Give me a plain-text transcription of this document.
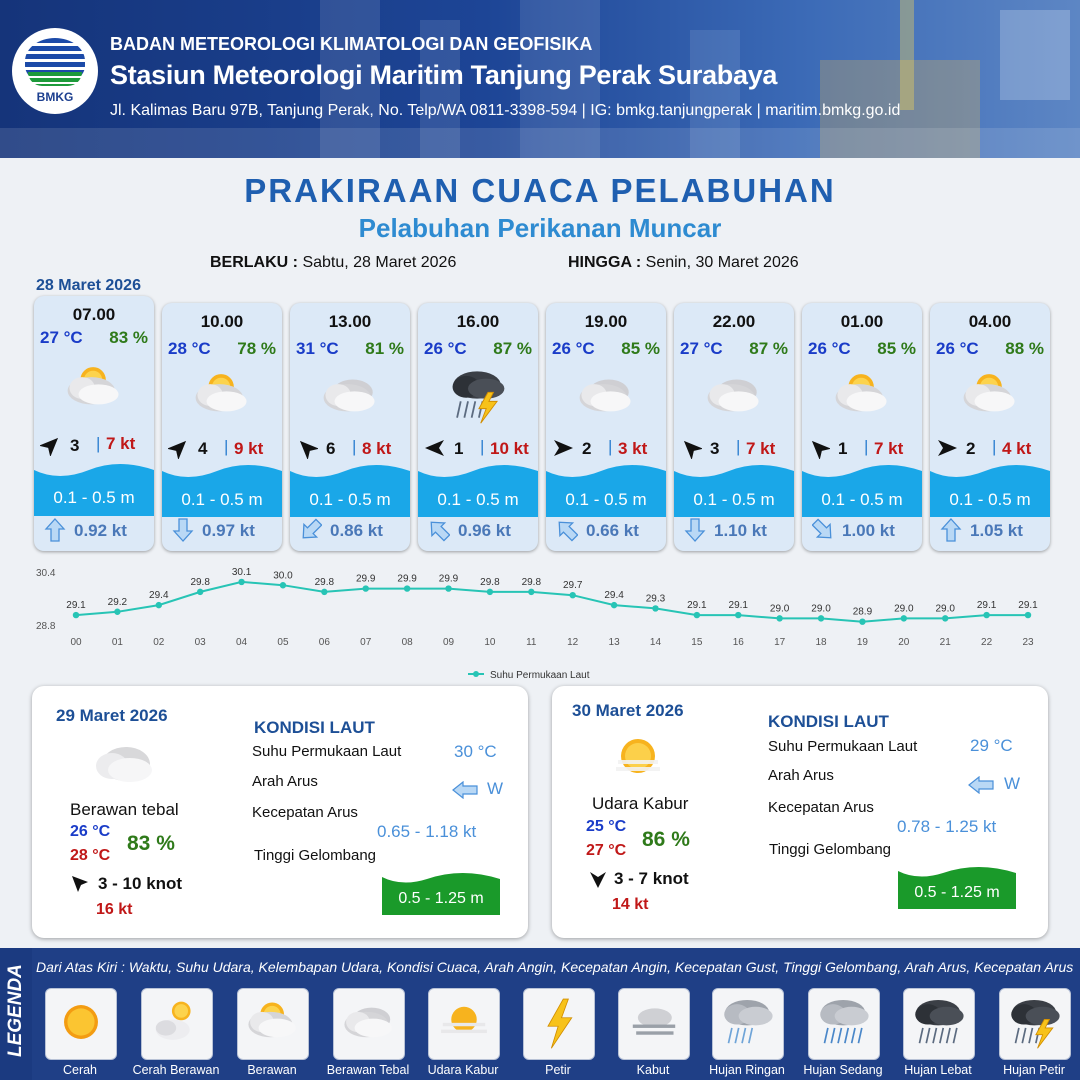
BMKG
BADAN METEOROLOGI KLIMATOLOGI DAN GEOFISIKA
Stasiun Meteorologi Maritim Tanjung Perak Surabaya
Jl. Kalimas Baru 97B, Tanjung Perak, No. Telp/WA 0811-3398-594 | IG: bmkg.tanjungperak | maritim.bmkg.go.id
PRAKIRAAN CUACA PELABUHAN
Pelabuhan Perikanan Muncar
BERLAKU : Sabtu, 28 Maret 2026	HINGGA : Senin, 30 Maret 2026
28 Maret 2026
07.00
27 °C 83 %
3 | 7 kt
0.1 - 0.5 m
0.92 kt
10.00
28 °C 78 %
4 | 9 kt
0.1 - 0.5 m
0.97 kt
13.00
31 °C 81 %
6 | 8 kt
0.1 - 0.5 m
0.86 kt
16.00
26 °C 87 %
1 | 10 kt
0.1 - 0.5 m
0.96 kt
19.00
26 °C 85 %
2 | 3 kt
0.1 - 0.5 m
0.66 kt
22.00
27 °C 87 %
3 | 7 kt
0.1 - 0.5 m
1.10 kt
01.00
26 °C 85 %
1 | 7 kt
0.1 - 0.5 m
1.00 kt
04.00
26 °C 88 %
2 | 4 kt
0.1 - 0.5 m
1.05 kt
30.4
28.8
29.1
00
29.2
01
29.4
02
29.8
03
30.1
04
30.0
05
29.8
06
29.9
07
29.9
08
29.9
09
29.8
10
29.8
11
29.7
12
29.4
13
29.3
14
29.1
15
29.1
16
29.0
17
29.0
18
28.9
19
29.0
20
29.0
21
29.1
22
29.1
23
Suhu Permukaan Laut
29 Maret 2026
Berawan tebal
26 °C
28 °C
83 %
3 - 10 knot
16 kt
KONDISI LAUT
Suhu Permukaan Laut	30 °C
Arah Arus	W
Kecepatan Arus
0.65 - 1.18 kt
Tinggi Gelombang
0.5 - 1.25 m
30 Maret 2026
Udara Kabur
25 °C
27 °C 86 %
3 - 7 knot
14 kt
KONDISI LAUT
Suhu Permukaan Laut	29 °C
Arah Arus	W
Kecepatan Arus
0.78 - 1.25 kt
Tinggi Gelombang
0.5 - 1.25 m
LEGENDA Dari Atas Kiri : Waktu, Suhu Udara, Kelembapan Udara, Kondisi Cuaca, Arah Angin, Kecepatan Angin, Kecepatan Gust, Tinggi Gelombang, Arah Arus, Kecepatan Arus
Cerah	Cerah Berawan	Berawan	Berawan Tebal	Udara Kabur	Petir	Kabut	Hujan Ringan	Hujan Sedang	Hujan Lebat	Hujan Petir
